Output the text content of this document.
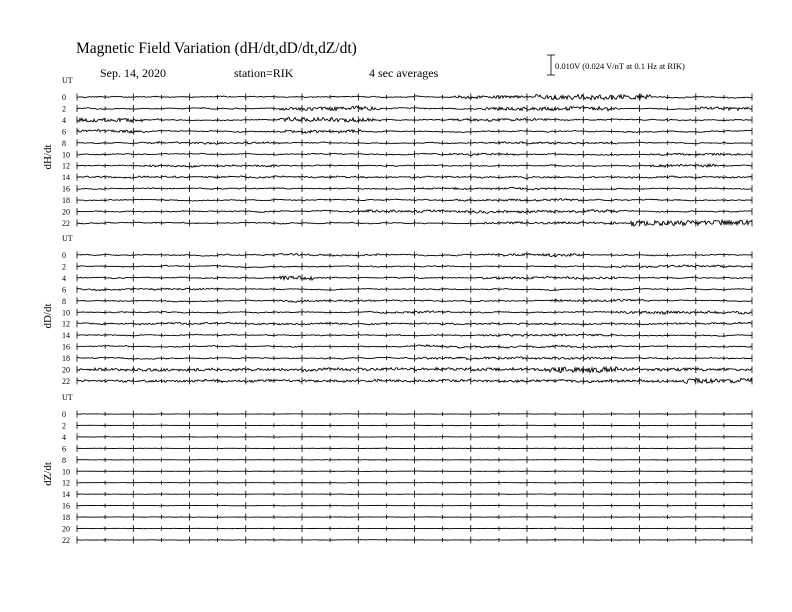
Magnetic Field Variation (dH/dt,dD/dt,dZ/dt)
Sep. 14, 2020	station=RIK	4 sec averages	0.010V (0.024 V/nT at 0.1 Hz at RIK)
UT
dH/dt
0
2
4
6
8
10
12
14
16
18
20
22
UT
dD/dt
0
2
4
6
8
10
12
14
16
18
20
22
UT
dZ/dt
0
2
4
6
8
10
12
14
16
18
20
22
